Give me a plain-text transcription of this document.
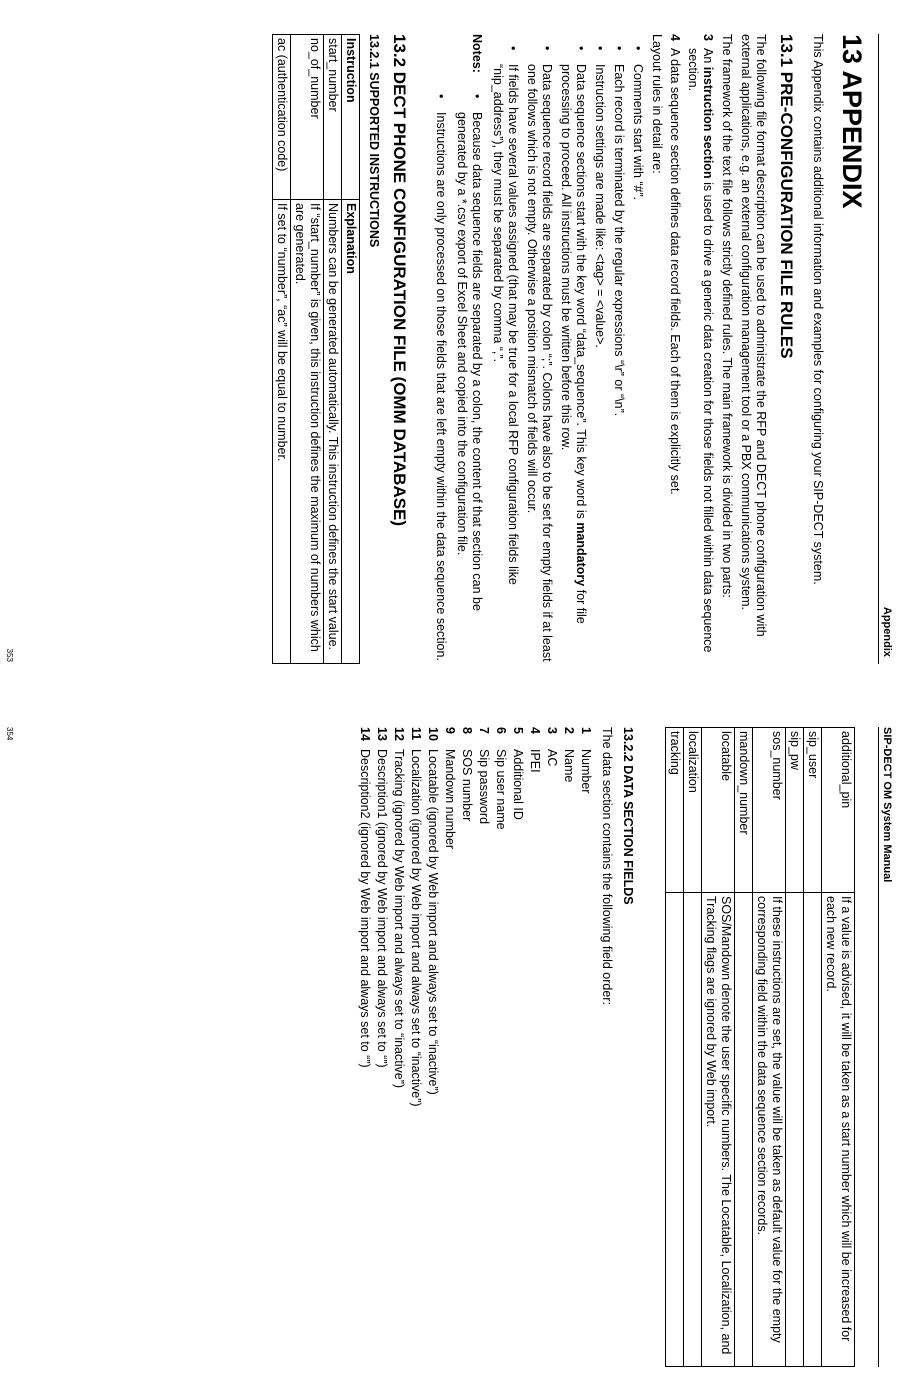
Appendix
13 APPENDIX

This Appendix contains additional information and examples for configuring your SIP-DECT system.

13.1 PRE-CONFIGURATION FILE RULES

The following file format description can be used to administrate the RFP and DECT phone configuration with external applications, e.g. an external configuration management tool or a PBX communications system.

The framework of the text file follows strictly defined rules. The main framework is divided in two parts:

3
An instruction section is used to drive a generic data creation for those fields not filled within data sequence section.
4
A data sequence section defines data record fields. Each of them is explicitly set.

Layout rules in detail are:

•
Comments start with “#”.
•
Each record is terminated by the regular expressions “\r” or “\n”.
•
Instruction settings are made like: <tag> = <value>.
•
Data sequence sections start with the key word “data_sequence”. This key word is mandatory for file processing to proceed. All instructions must be written before this row.
•
Data sequence record fields are separated by colon “;”. Colons have also to be set for empty fields if at least one follows which is not empty. Otherwise a position mismatch of fields will occur.
•
If fields have several values assigned (that may be true for a local RFP configuration fields like “nip_address”), they must be separated by comma “,”.
Notes:
•
Because data sequence fields are separated by a colon, the content of that section can be generated by a *.csv export of Excel Sheet and copied into the configuration file.
•
Instructions are only processed on those fields that are left empty within the data sequence section.
13.2 DECT PHONE CONFIGURATION FILE (OMM DATABASE)
13.2.1 SUPPORTED INSTRUCTIONS
Instruction	Explanation
start_number	Numbers can be generated automatically. This instruction defines the start value.
no_of_number	If “start_number” is given, this instruction defines the maximum of numbers which are generated.
ac (authentication code)	If set to “number”, “ac” will be equal to number.
353
SIP-DECT OM System Manual
additional_pin	If a value is advised, it will be taken as a start number which will be increased for each new record.
sip_user	
sip_pw	
sos_number	If these instructions are set, the value will be taken as default value for the empty corresponding field within the data sequence section records.
mandown_number	
locatable	SOS/Mandown denote the user specific numbers. The Locatable, Localization, and Tracking flags are ignored by Web import.
localization	
tracking	
13.2.2 DATA SECTION FIELDS

The data section contains the following field order:

1
Number
2
Name
3
AC
4
IPEI
5
Additional ID
6
Sip user name
7
Sip password
8
SOS number
9
Mandown number
10
Locatable (ignored by Web import and always set to “inactive”)
11
Localization (ignored by Web import and always set to “inactive”)
12
Tracking (ignored by Web import and always set to “inactive”)
13
Description1 (ignored by Web import and always set to “”)
14
Description2 (ignored by Web import and always set to “”)
354
